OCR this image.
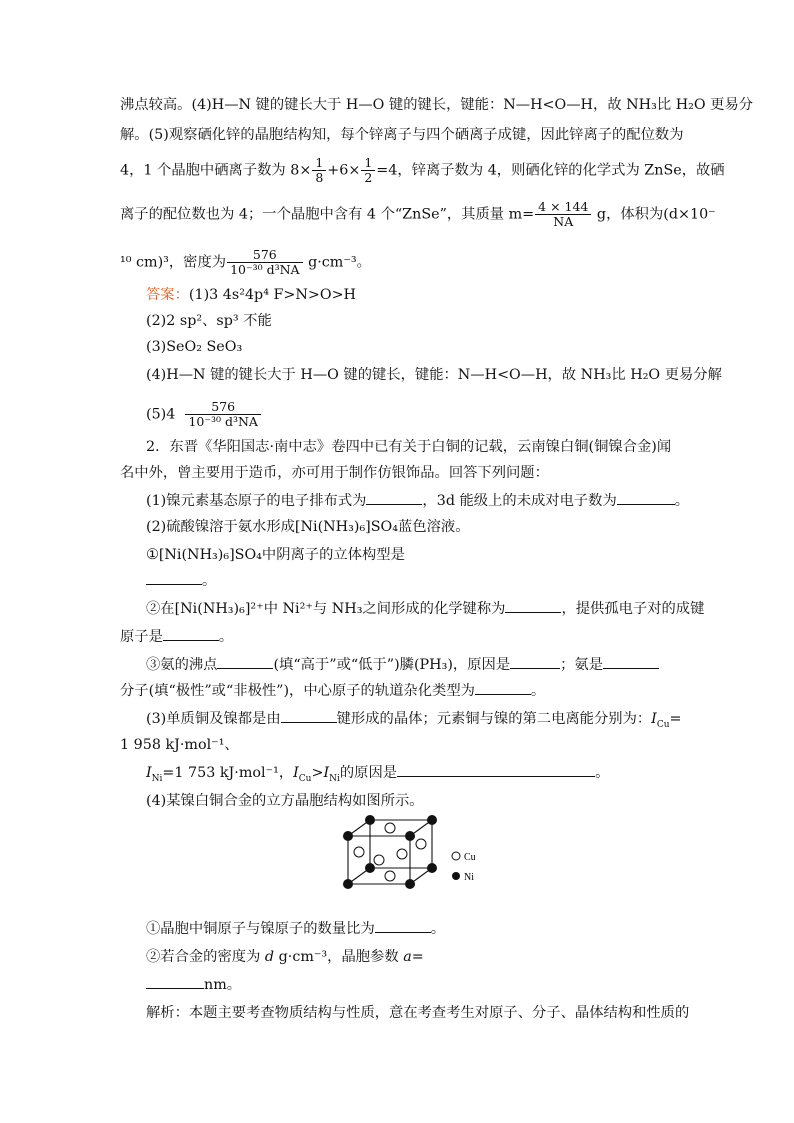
沸点较高。(4)H—N 键的键长大于 H—O 键的键长，键能：N—H<O—H，故 NH₃比 H₂O 更易分
解。(5)观察硒化锌的晶胞结构知，每个锌离子与四个硒离子成键，因此锌离子的配位数为
4，1 个晶胞中硒离子数为 $8\times \frac{1}{8} +6\times \frac{1}{2} =4$，锌离子数为 4，则硒化锌的化学式为 ZnSe，故硒
离子的配位数也为 4；一个晶胞中含有 4 个“ZnSe”，其质量 $m= \frac{4 \times 144}{NA}$ g，体积为(d×10⁻
¹⁰ cm)³，密度为 $\frac{576}{\text{10⁻³⁰ d³NA}} g\cdot cm^{-3}$。
答案：(1)3 4s²4p⁴ F>N>O>H
(2)2 sp²、sp³ 不能
(3)SeO₂ SeO₃
(4)H—N 键的键长大于 H—O 键的键长，键能：N—H<O—H，故 NH₃比 H₂O 更易分解
$(5)4 \frac{576}{\text{10⁻³⁰ d³NA}}$
2．东晋《华阳国志·南中志》卷四中已有关于白铜的记载，云南镍白铜(铜镍合金)闻
名中外，曾主要用于造币，亦可用于制作仿银饰品。回答下列问题：
(1)镍元素基态原子的电子排布式为	，3d 能级上的未成对电子数为	。
(2)硫酸镍溶于氨水形成[Ni(NH₃)₆]SO₄蓝色溶液。
①[Ni(NH₃)₆]SO₄中阴离子的立体构型是
。
②在[Ni(NH₃)₆]²⁺中 Ni²⁺与 NH₃之间形成的化学键称为	，提供孤电子对的成键
原子是	。
③氨的沸点	(填“高于”或“低于”)膦(PH₃)，原因是	；氨是
分子(填“极性”或“非极性”)，中心原子的轨道杂化类型为	。
(3)单质铜及镍都是由	键形成的晶体；元素铜与镍的第二电离能分别为：$I_{Cu}=$
1 958 kJ·mol⁻¹、
$I_{Ni}=1$ 753 kJ·mol⁻¹，$I_{Cu}>I_{Ni}$的原因是	。
(4)某镍白铜合金的立方晶胞结构如图所示。
Cu
Ni
①晶胞中铜原子与镍原子的数量比为	。
②若合金的密度为 d g·cm⁻³，晶胞参数 a=
nm。
解析：本题主要考查物质结构与性质，意在考查考生对原子、分子、晶体结构和性质的
